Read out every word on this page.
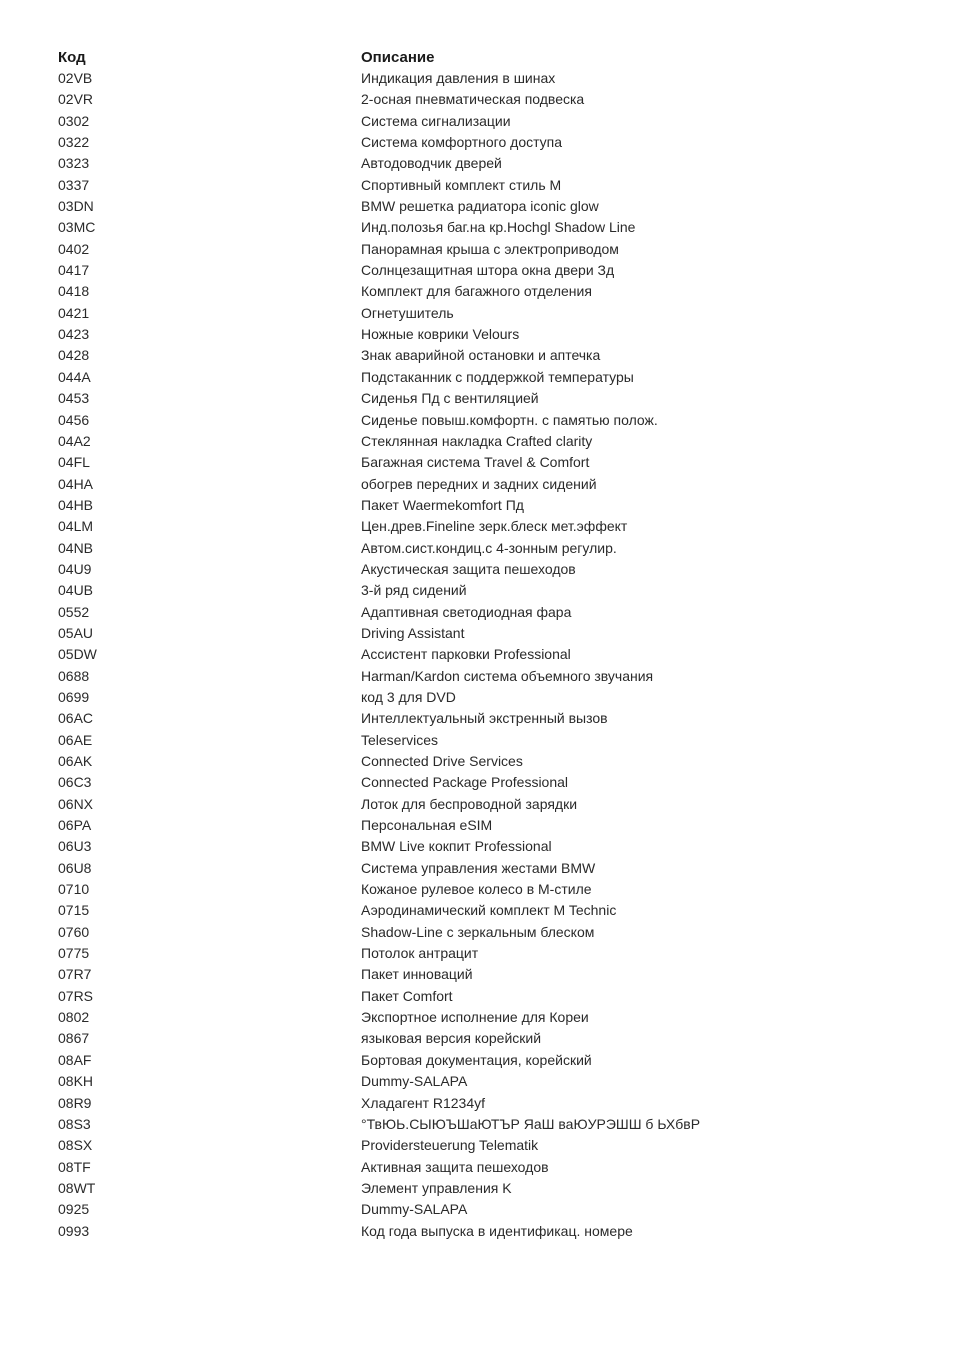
Код	Описание
02VB	Индикация давления в шинах
02VR	2-осная пневматическая подвеска
0302	Система сигнализации
0322	Система комфортного доступа
0323	Автодоводчик дверей
0337	Спортивный комплект стиль M
03DN	BMW решетка радиатора iconic glow
03MC	Инд.полозья баг.на кр.Hochgl Shadow Line
0402	Панорамная крыша с электроприводом
0417	Солнцезащитная штора окна двери Зд
0418	Комплект для багажного отделения
0421	Огнетушитель
0423	Ножные коврики Velours
0428	Знак аварийной остановки и аптечка
044A	Подстаканник с поддержкой температуры
0453	Сиденья Пд с вентиляцией
0456	Сиденье повыш.комфортн. с памятью полож.
04A2	Стеклянная накладка Crafted clarity
04FL	Багажная система Travel & Comfort
04HA	обогрев передних и задних сидений
04HB	Пакет Waermekomfort Пд
04LM	Цен.древ.Fineline зерк.блеск мет.эффект
04NB	Автом.сист.кондиц.с 4-зонным регулир.
04U9	Акустическая защита пешеходов
04UB	3-й ряд сидений
0552	Адаптивная светодиодная фара
05AU	Driving Assistant
05DW	Ассистент парковки Professional
0688	Harman/Kardon система объемного звучания
0699	код 3 для DVD
06AC	Интеллектуальный экстренный вызов
06AE	Teleservices
06AK	Connected Drive Services
06C3	Connected Package Professional
06NX	Лоток для беспроводной зарядки
06PA	Персональная eSIM
06U3	BMW Live кокпит Professional
06U8	Система управления жестами BMW
0710	Кожаное рулевое колесо в M-стиле
0715	Аэродинамический комплект M Technic
0760	Shadow-Line с зеркальным блеском
0775	Потолок антрацит
07R7	Пакет инноваций
07RS	Пакет Comfort
0802	Экспортное исполнение для Кореи
0867	языковая версия корейский
08AF	Бортовая документация, корейский
08KH	Dummy-SALAPA
08R9	Хладагент R1234yf
08S3	°ТвЮЬ.СЫЮЪШаЮТЪР ЯаШ ваЮУРЭШШ б ЬХбвР
08SX	Providersteuerung Telematik
08TF	Активная защита пешеходов
08WT	Элемент управления K
0925	Dummy-SALAPA
0993	Код года выпуска в идентификац. номере
